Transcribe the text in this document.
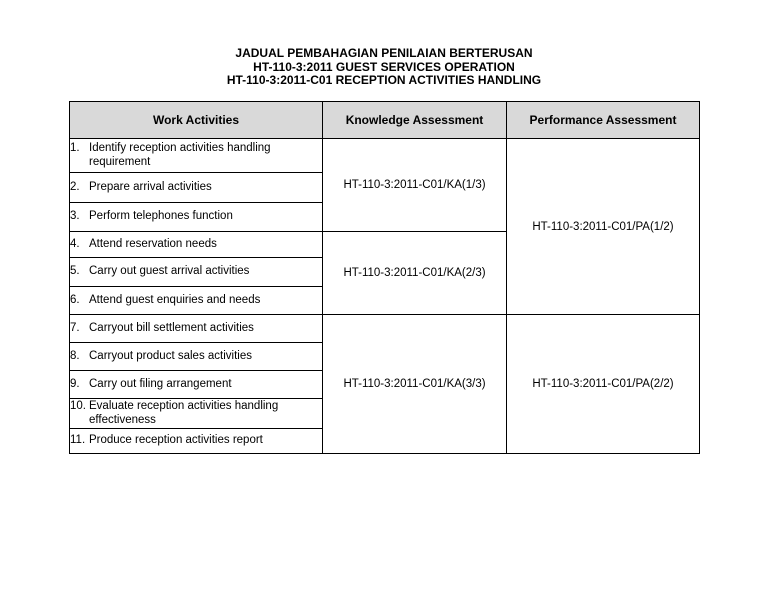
JADUAL PEMBAHAGIAN PENILAIAN BERTERUSAN
HT-110-3:2011 GUEST SERVICES OPERATION
HT-110-3:2011-C01 RECEPTION ACTIVITIES HANDLING
Work Activities	Knowledge Assessment	Performance Assessment

1. Identify reception activities handling requirement	HT-110-3:2011-C01/KA(1/3)	HT-110-3:2011-C01/PA(1/2)

2. Prepare arrival activities		

3. Perform telephones function		

4. Attend reservation needs	HT-110-3:2011-C01/KA(2/3)	

5. Carry out guest arrival activities		

6. Attend guest enquiries and needs		

7. Carryout bill settlement activities	HT-110-3:2011-C01/KA(3/3)	HT-110-3:2011-C01/PA(2/2)

8. Carryout product sales activities		

9. Carry out filing arrangement		

10. Evaluate reception activities handling effectiveness		

11. Produce reception activities report		
